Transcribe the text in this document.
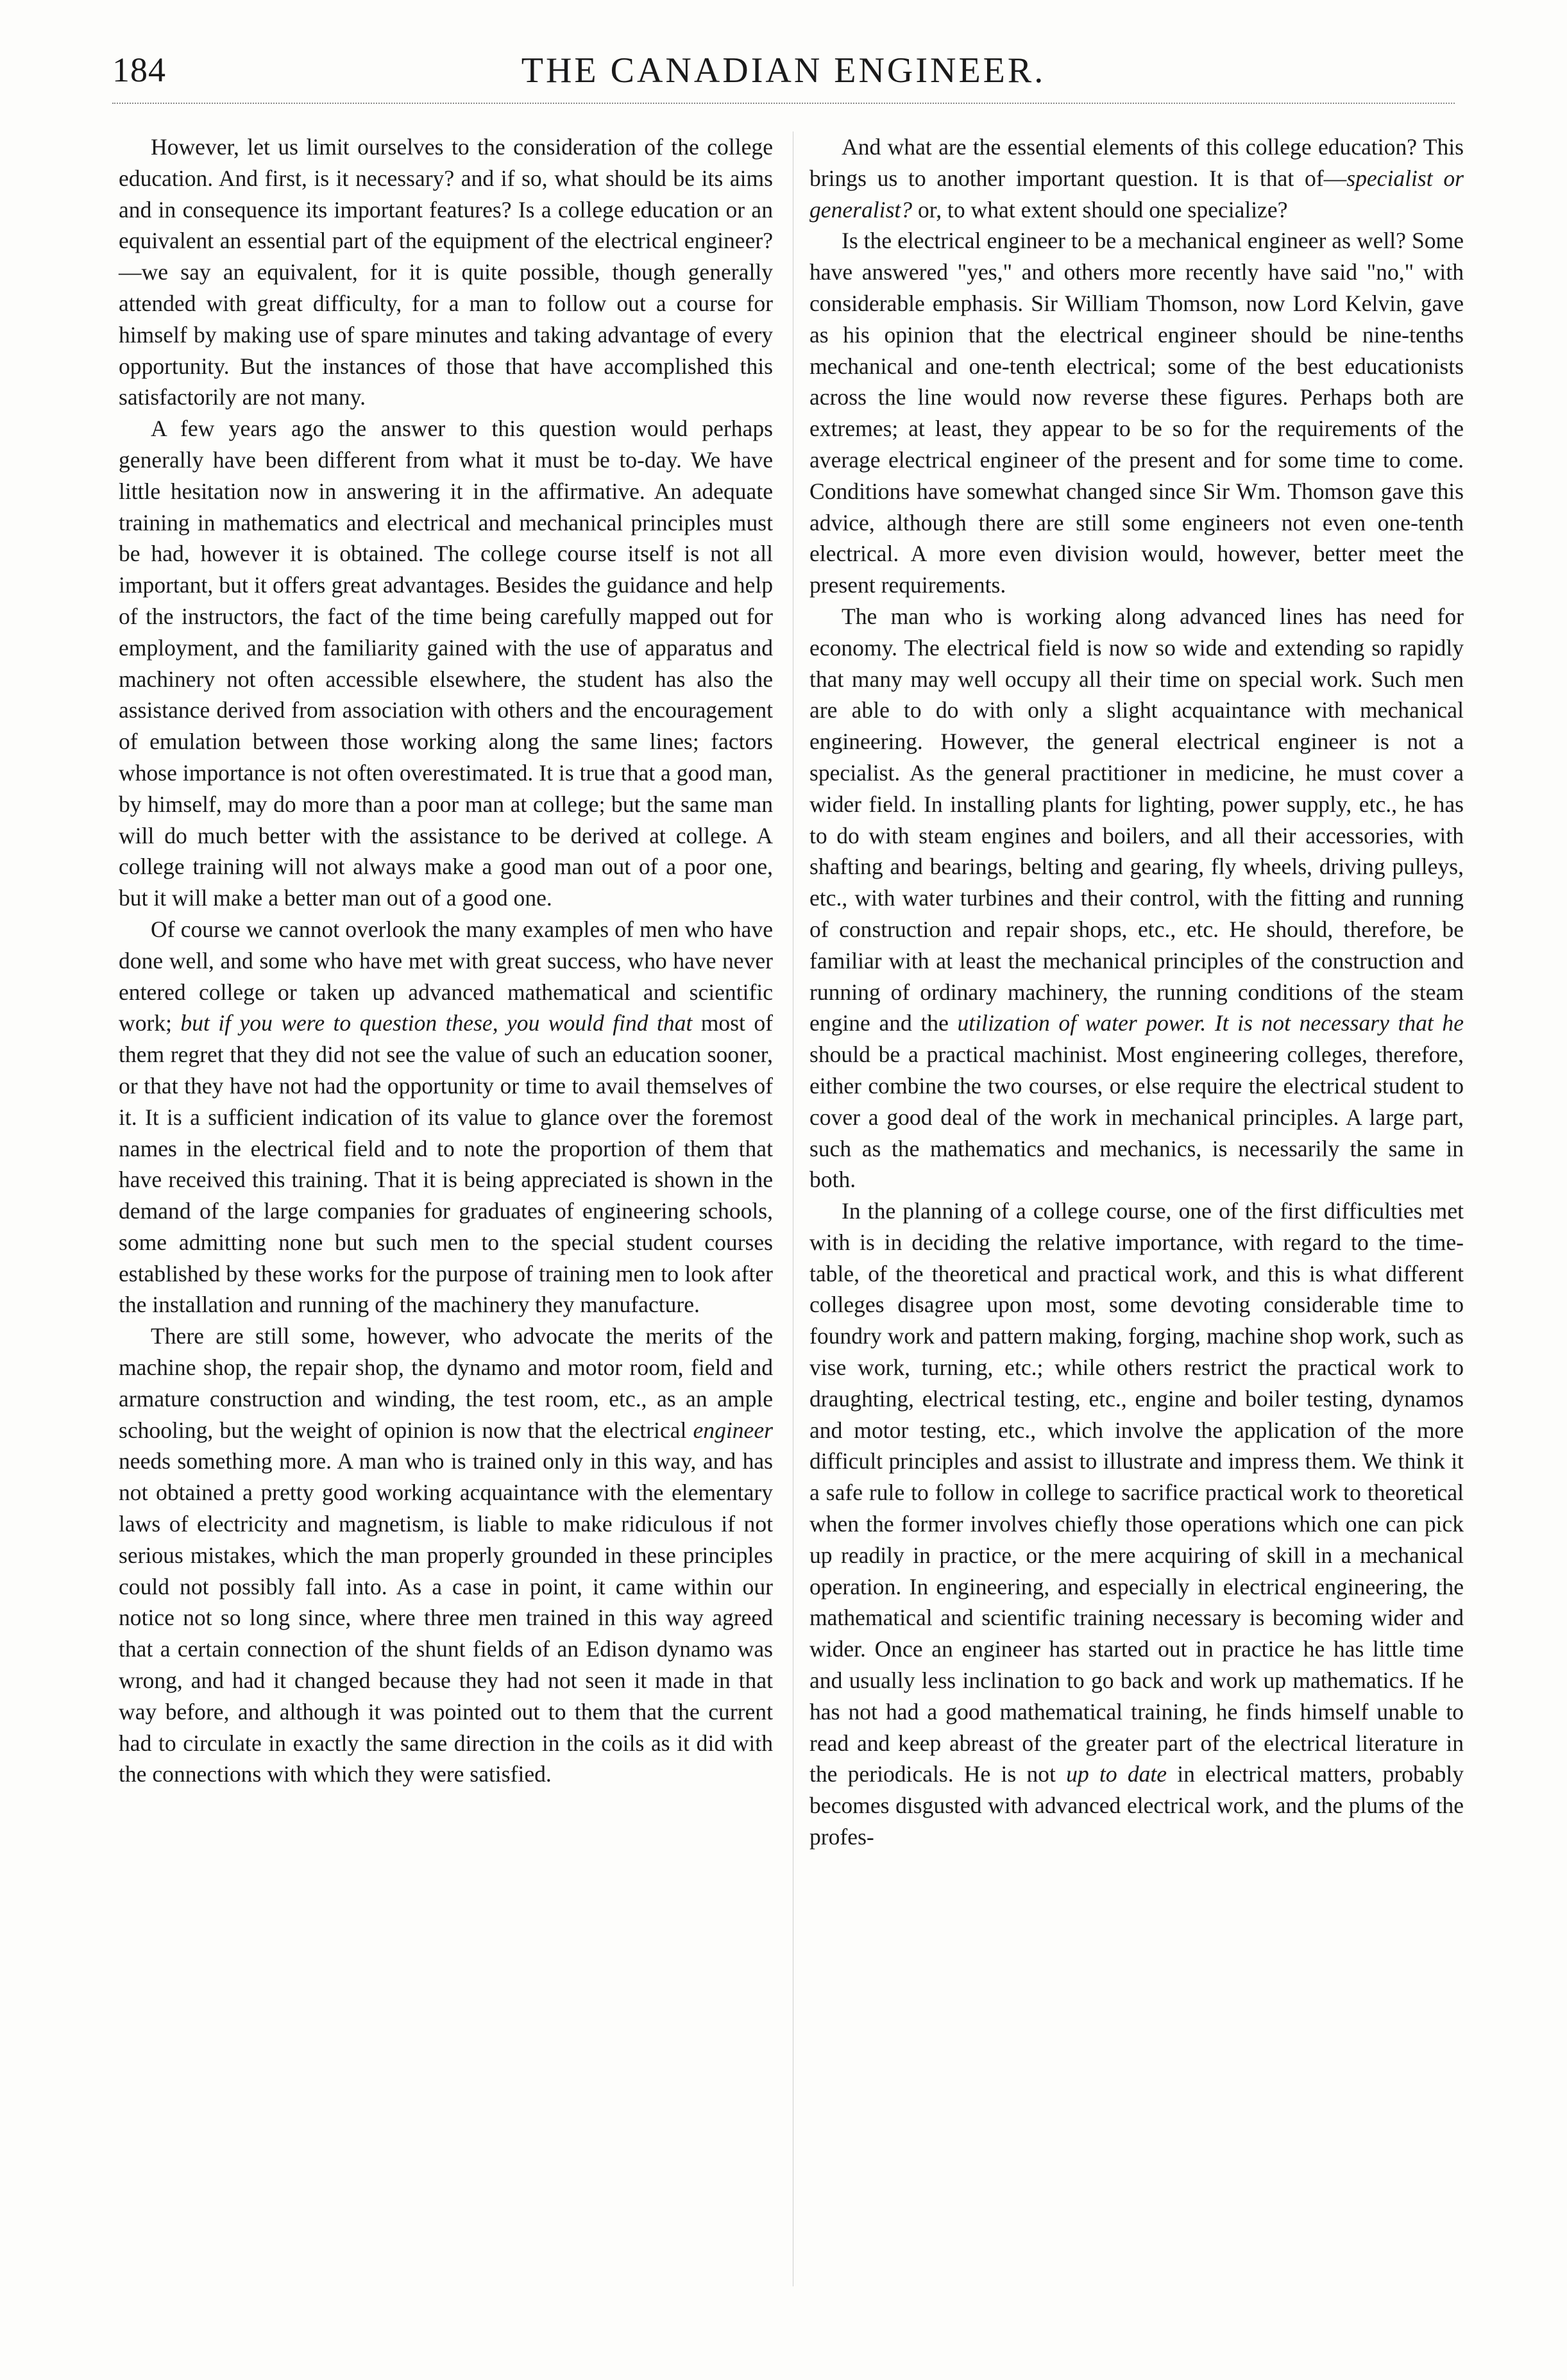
184	THE CANADIAN ENGINEER.

However, let us limit ourselves to the consideration of the college education. And first, is it necessary? and if so, what should be its aims and in consequence its important features? Is a college education or an equivalent an essential part of the equipment of the electrical engineer?—we say an equivalent, for it is quite possible, though generally attended with great difficulty, for a man to follow out a course for himself by making use of spare minutes and taking advantage of every opportunity. But the instances of those that have accomplished this satisfactorily are not many.

A few years ago the answer to this question would perhaps generally have been different from what it must be to-day. We have little hesitation now in answering it in the affirmative. An adequate training in mathematics and electrical and mechanical principles must be had, however it is obtained. The college course itself is not all important, but it offers great advantages. Besides the guidance and help of the instructors, the fact of the time being carefully mapped out for employment, and the familiarity gained with the use of apparatus and machinery not often accessible elsewhere, the student has also the assistance derived from association with others and the encouragement of emulation between those working along the same lines; factors whose importance is not often overestimated. It is true that a good man, by himself, may do more than a poor man at college; but the same man will do much better with the assistance to be derived at college. A college training will not always make a good man out of a poor one, but it will make a better man out of a good one.

Of course we cannot overlook the many examples of men who have done well, and some who have met with great success, who have never entered college or taken up advanced mathematical and scientific work; but if you were to question these, you would find that most of them regret that they did not see the value of such an education sooner, or that they have not had the opportunity or time to avail themselves of it. It is a sufficient indication of its value to glance over the foremost names in the electrical field and to note the proportion of them that have received this training. That it is being appreciated is shown in the demand of the large companies for graduates of engineering schools, some admitting none but such men to the special student courses established by these works for the purpose of training men to look after the installation and running of the machinery they manufacture.

There are still some, however, who advocate the merits of the machine shop, the repair shop, the dynamo and motor room, field and armature construction and winding, the test room, etc., as an ample schooling, but the weight of opinion is now that the electrical engineer needs something more. A man who is trained only in this way, and has not obtained a pretty good working acquaintance with the elementary laws of electricity and magnetism, is liable to make ridiculous if not serious mistakes, which the man properly grounded in these principles could not possibly fall into. As a case in point, it came within our notice not so long since, where three men trained in this way agreed that a certain connection of the shunt fields of an Edison dynamo was wrong, and had it changed because they had not seen it made in that way before, and although it was pointed out to them that the current had to circulate in exactly the same direction in the coils as it did with the connections with which they were satisfied.

And what are the essential elements of this college education? This brings us to another important question. It is that of—specialist or generalist? or, to what extent should one specialize?

Is the electrical engineer to be a mechanical engineer as well? Some have answered "yes," and others more recently have said "no," with considerable emphasis. Sir William Thomson, now Lord Kelvin, gave as his opinion that the electrical engineer should be nine-tenths mechanical and one-tenth electrical; some of the best educationists across the line would now reverse these figures. Perhaps both are extremes; at least, they appear to be so for the requirements of the average electrical engineer of the present and for some time to come. Conditions have somewhat changed since Sir Wm. Thomson gave this advice, although there are still some engineers not even one-tenth electrical. A more even division would, however, better meet the present requirements.

The man who is working along advanced lines has need for economy. The electrical field is now so wide and extending so rapidly that many may well occupy all their time on special work. Such men are able to do with only a slight acquaintance with mechanical engineering. However, the general electrical engineer is not a specialist. As the general practitioner in medicine, he must cover a wider field. In installing plants for lighting, power supply, etc., he has to do with steam engines and boilers, and all their accessories, with shafting and bearings, belting and gearing, fly wheels, driving pulleys, etc., with water turbines and their control, with the fitting and running of construction and repair shops, etc., etc. He should, therefore, be familiar with at least the mechanical principles of the construction and running of ordinary machinery, the running conditions of the steam engine and the utilization of water power. It is not necessary that he should be a practical machinist. Most engineering colleges, therefore, either combine the two courses, or else require the electrical student to cover a good deal of the work in mechanical principles. A large part, such as the mathematics and mechanics, is necessarily the same in both.

In the planning of a college course, one of the first difficulties met with is in deciding the relative importance, with regard to the time-table, of the theoretical and practical work, and this is what different colleges disagree upon most, some devoting considerable time to foundry work and pattern making, forging, machine shop work, such as vise work, turning, etc.; while others restrict the practical work to draughting, electrical testing, etc., engine and boiler testing, dynamos and motor testing, etc., which involve the application of the more difficult principles and assist to illustrate and impress them. We think it a safe rule to follow in college to sacrifice practical work to theoretical when the former involves chiefly those operations which one can pick up readily in practice, or the mere acquiring of skill in a mechanical operation. In engineering, and especially in electrical engineering, the mathematical and scientific training necessary is becoming wider and wider. Once an engineer has started out in practice he has little time and usually less inclination to go back and work up mathematics. If he has not had a good mathematical training, he finds himself unable to read and keep abreast of the greater part of the electrical literature in the periodicals. He is not up to date in electrical matters, probably becomes disgusted with advanced electrical work, and the plums of the profes-
